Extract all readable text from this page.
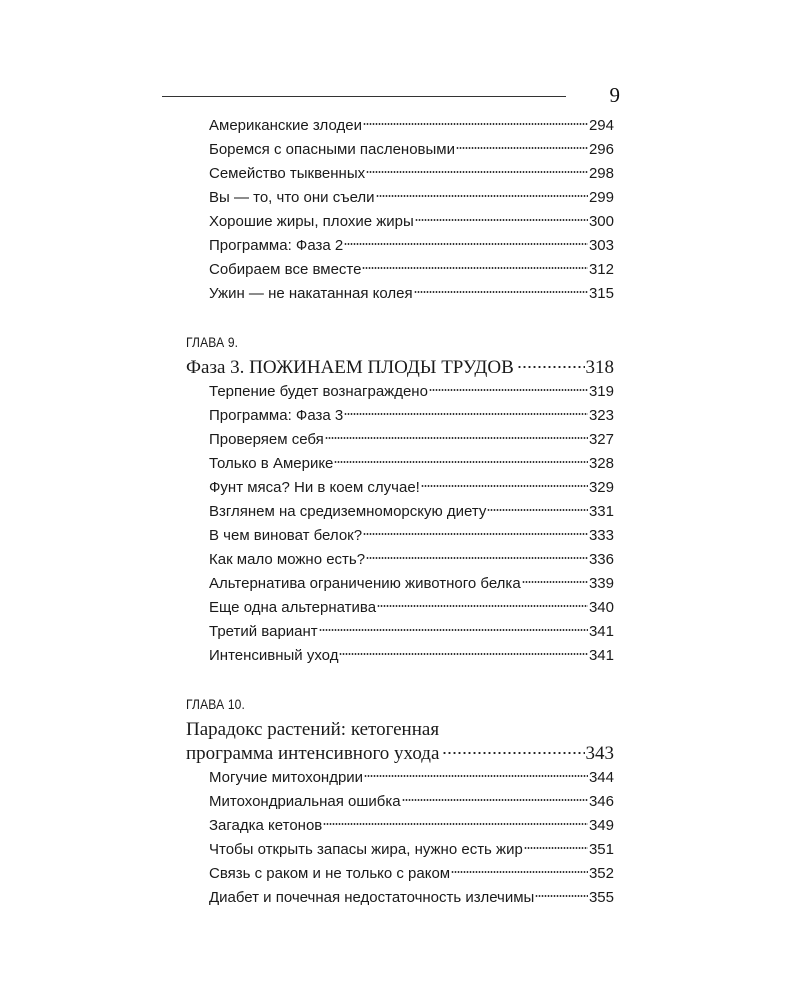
9
Американские злодеи	294
Боремся с опасными пасленовыми	296
Семейство тыквенных	298
Вы — то, что они съели	299
Хорошие жиры, плохие жиры	300
Программа: Фаза 2	303
Собираем все вместе	312
Ужин — не накатанная колея	315
ГЛАВА 9.
Фаза 3. ПОЖИНАЕМ ПЛОДЫ ТРУДОВ	318
Терпение будет вознаграждено	319
Программа: Фаза 3	323
Проверяем себя	327
Только в Америке	328
Фунт мяса? Ни в коем случае!	329
Взглянем на средиземноморскую диету	331
В чем виноват белок?	333
Как мало можно есть?	336
Альтернатива ограничению животного белка	339
Еще одна альтернатива	340
Третий вариант	341
Интенсивный уход	341
ГЛАВА 10.
Парадокс растений: кетогенная
программа интенсивного ухода	343
Могучие митохондрии	344
Митохондриальная ошибка	346
Загадка кетонов	349
Чтобы открыть запасы жира, нужно есть жир	351
Связь с раком и не только с раком	352
Диабет и почечная недостаточность излечимы	355
